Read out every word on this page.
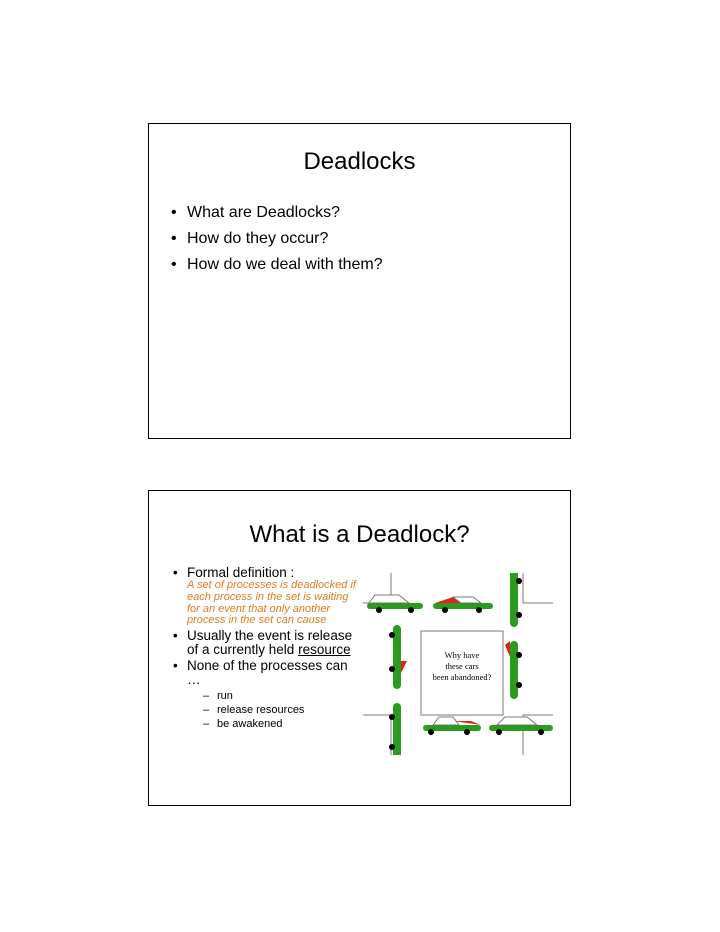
Deadlocks
• What are Deadlocks?
• How do they occur?
• How do we deal with them?
What is a Deadlock?
• Formal definition :
A set of processes is deadlocked if each process in the set is waiting for an event that only another process in the set can cause
• Usually the event is release of a currently held resource
• None of the processes can …
– run
– release resources
– be awakened
Why have
these cars
been abandoned?
